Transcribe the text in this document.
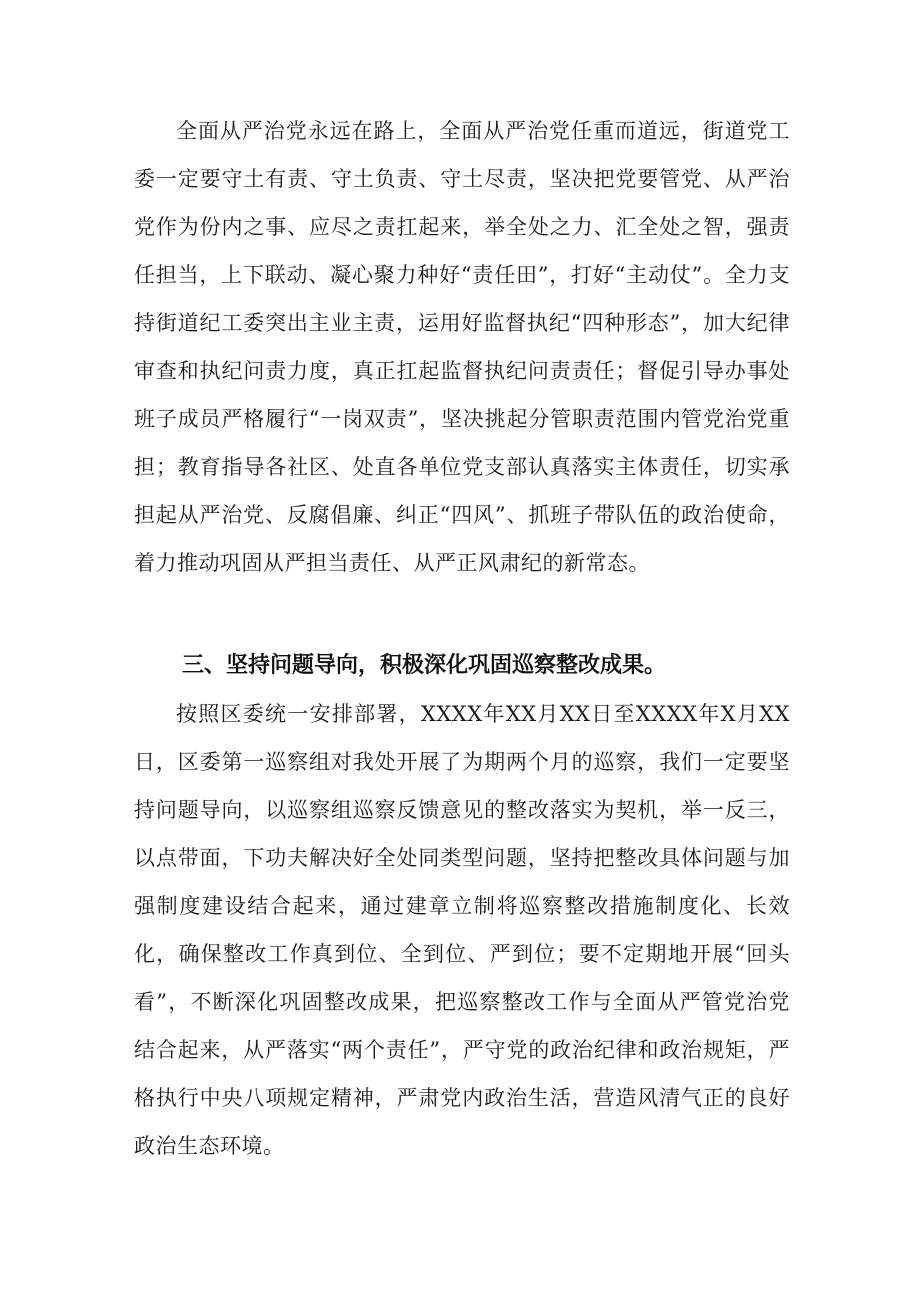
全面从严治党永远在路上，全面从严治党任重而道远，街道党工委一定要守土有责、守土负责、守土尽责，坚决把党要管党、从严治党作为份内之事、应尽之责扛起来，举全处之力、汇全处之智，强责任担当，上下联动、凝心聚力种好“责任田”，打好“主动仗”。全力支持街道纪工委突出主业主责，运用好监督执纪“四种形态”，加大纪律审查和执纪问责力度，真正扛起监督执纪问责责任；督促引导办事处班子成员严格履行“一岗双责”，坚决挑起分管职责范围内管党治党重担；教育指导各社区、处直各单位党支部认真落实主体责任，切实承担起从严治党、反腐倡廉、纠正“四风”、抓班子带队伍的政治使命，着力推动巩固从严担当责任、从严正风肃纪的新常态。

三、坚持问题导向，积极深化巩固巡察整改成果。

按照区委统一安排部署，XXXX年XX月XX日至XXXX年X月XX日，区委第一巡察组对我处开展了为期两个月的巡察，我们一定要坚持问题导向，以巡察组巡察反馈意见的整改落实为契机，举一反三，以点带面，下功夫解决好全处同类型问题，坚持把整改具体问题与加强制度建设结合起来，通过建章立制将巡察整改措施制度化、长效化，确保整改工作真到位、全到位、严到位；要不定期地开展“回头看”，不断深化巩固整改成果，把巡察整改工作与全面从严管党治党结合起来，从严落实“两个责任”，严守党的政治纪律和政治规矩，严格执行中央八项规定精神，严肃党内政治生活，营造风清气正的良好政治生态环境。
